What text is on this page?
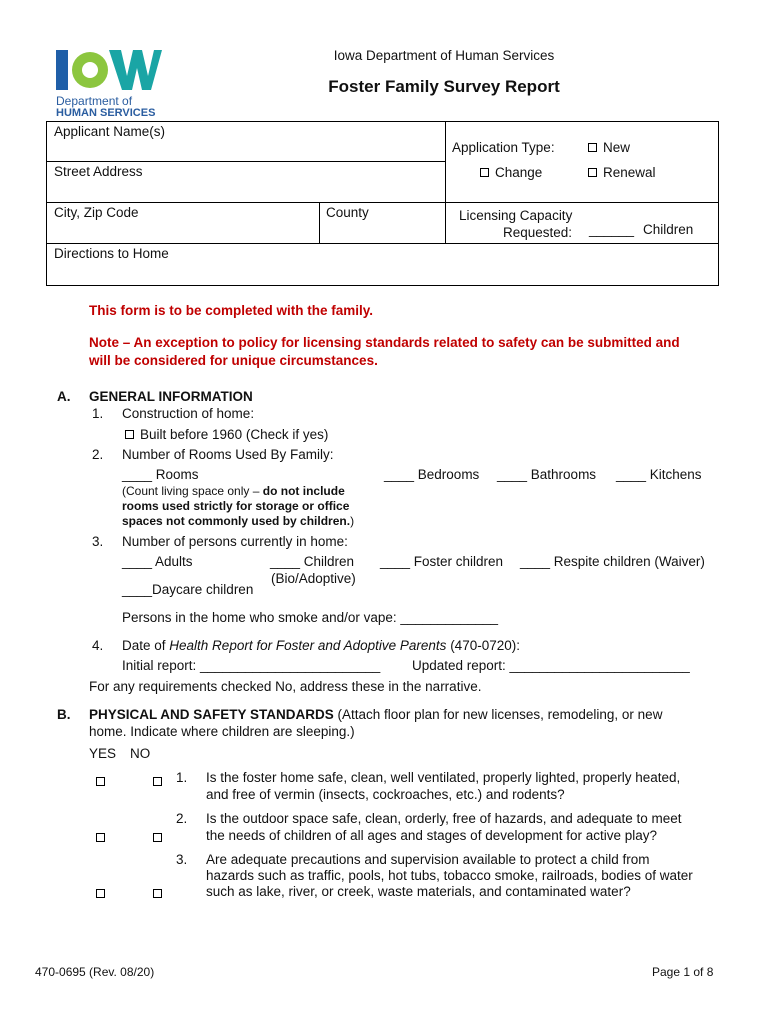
Department of
HUMAN SERVICES
Iowa Department of Human Services
Foster Family Survey Report
Applicant Name(s)
Street Address
City, Zip Code	County
Directions to Home
Application Type:	New
Change	Renewal
Licensing Capacity
Requested: ______ Children
This form is to be completed with the family.
Note – An exception to policy for licensing standards related to safety can be submitted and
will be considered for unique circumstances.
A. GENERAL INFORMATION
1. Construction of home:
Built before 1960 (Check if yes)
2. Number of Rooms Used By Family:
____ Rooms	____ Bedrooms ____ Bathrooms ____ Kitchens
(Count living space only – do not include
rooms used strictly for storage or office
spaces not commonly used by children.)
3. Number of persons currently in home:
____ Adults	____ Children
(Bio/Adoptive)
____ Foster children ____ Respite children (Waiver)
____Daycare children
Persons in the home who smoke and/or vape: _____________
4. Date of Health Report for Foster and Adoptive Parents (470-0720):
Initial report: ________________________ Updated report: ________________________
For any requirements checked No, address these in the narrative.
B. PHYSICAL AND SAFETY STANDARDS (Attach floor plan for new licenses, remodeling, or new
home. Indicate where children are sleeping.)
YES NO

1. Is the foster home safe, clean, well ventilated, properly lighted, properly heated,
and free of vermin (insects, cockroaches, etc.) and rodents?

2. Is the outdoor space safe, clean, orderly, free of hazards, and adequate to meet
the needs of children of all ages and stages of development for active play?

3. Are adequate precautions and supervision available to protect a child from
hazards such as traffic, pools, hot tubs, tobacco smoke, railroads, bodies of water
such as lake, river, or creek, waste materials, and contaminated water?
470-0695 (Rev. 08/20)	Page 1 of 8
